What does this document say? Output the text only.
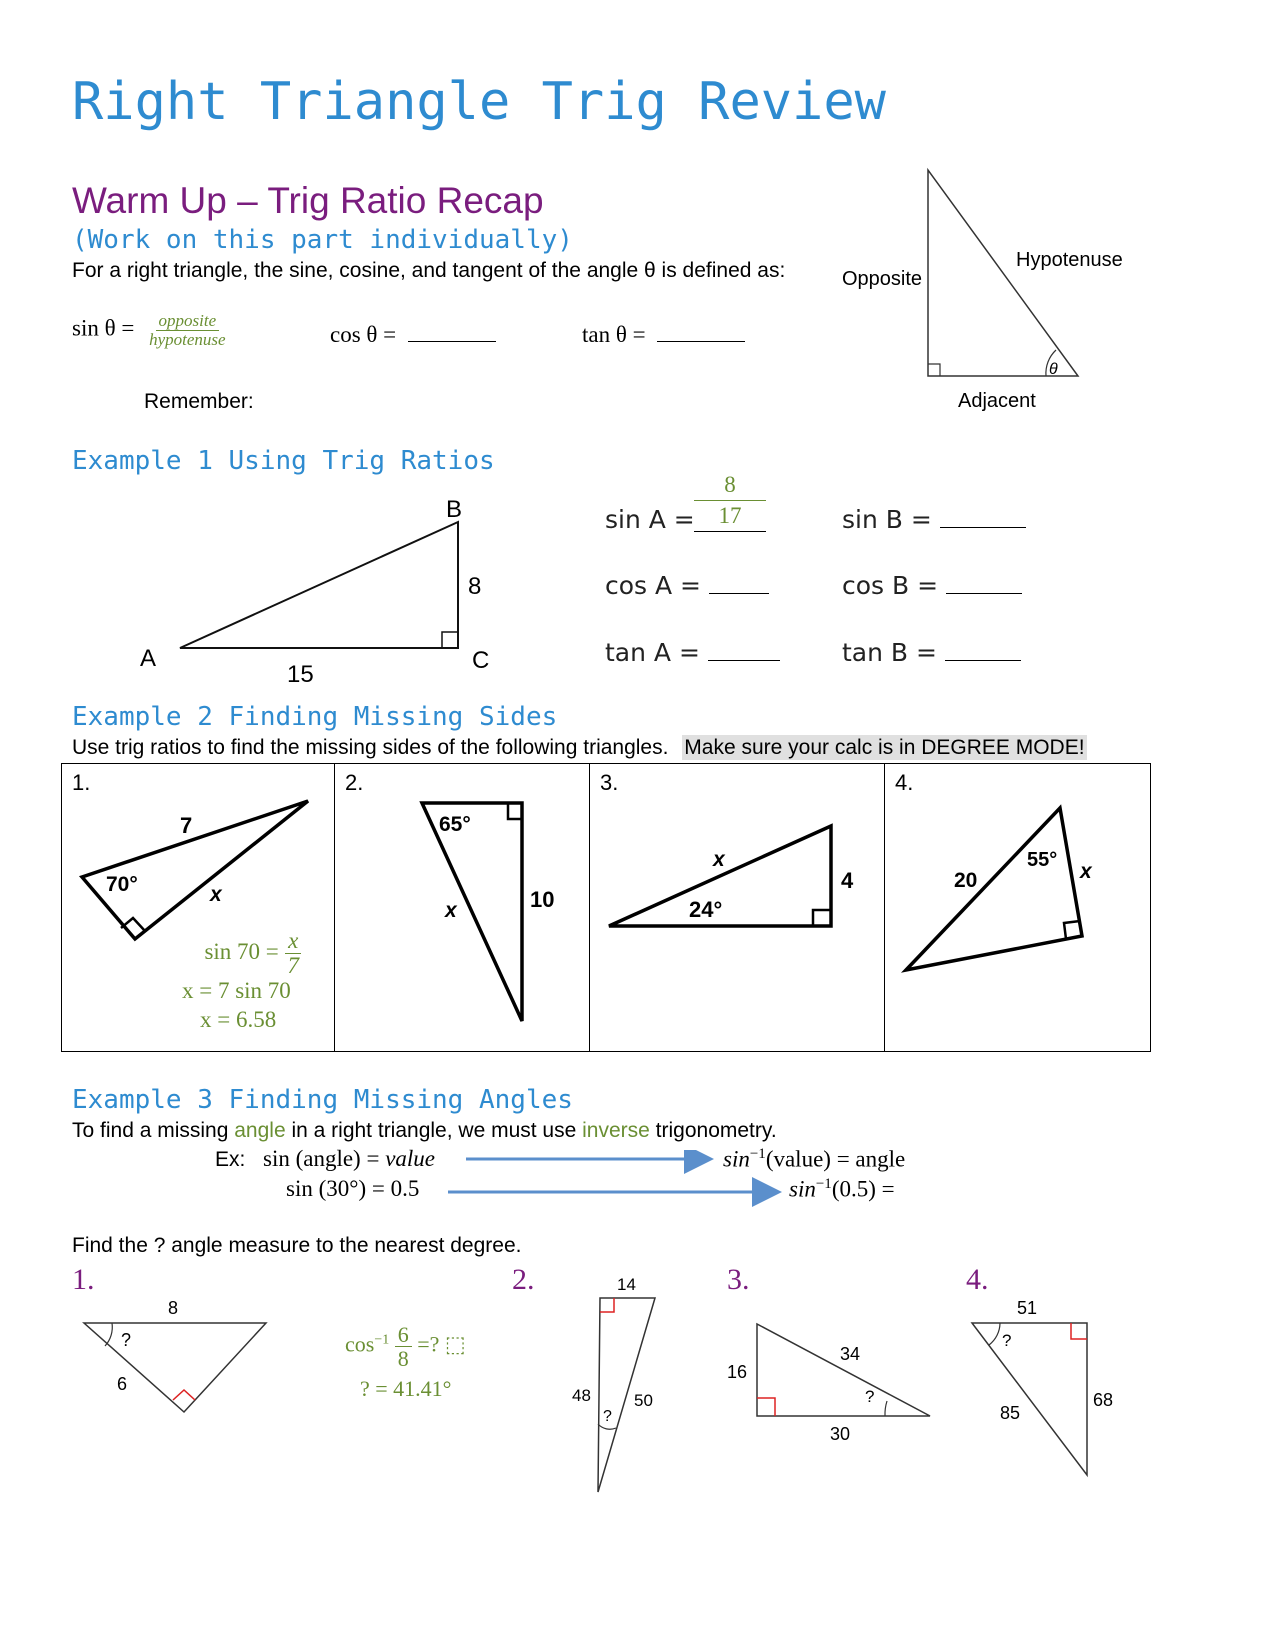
Right Triangle Trig Review
Warm Up – Trig Ratio Recap
(Work on this part individually)
For a right triangle, the sine, cosine, and tangent of the angle θ is defined as:
$\sin \theta = \frac{\text{opposite}}{\text{hypotenuse}}$	cos θ =	tan θ =
Remember:
Opposite
Hypotenuse
Adjacent
θ
Example 1 Using Trig Ratios
A
B
C
8
15
$\sin A = \frac{8}{17}$
cos A =
tan A =
sin B =
cos B =
tan B =
Example 2 Finding Missing Sides
Use trig ratios to find the missing sides of the following triangles. Make sure your calc is in DEGREE MODE!
1.
7
70°	x
$\sin 70 = \frac{x}{7}$
x = 7 sin 70
x = 6.58
2.
65°
x	10
3.
x
24°
4
4.
20
55° x
Example 3 Finding Missing Angles
To find a missing angle in a right triangle, we must use inverse trigonometry.
Ex: sin (angle) = value	$\sin^{-1}(value)$ = angle
sin (30°) = 0.5	$\sin^{-1}(0.5)$ =
Find the ? angle measure to the nearest degree.
1.
8
6
?	$\cos^{-1} \frac{6}{8}$ =? ⬚
? = 41.41°
2.	14
48	50
?
3.
16
34
30
?
4.
51
85
68
?
